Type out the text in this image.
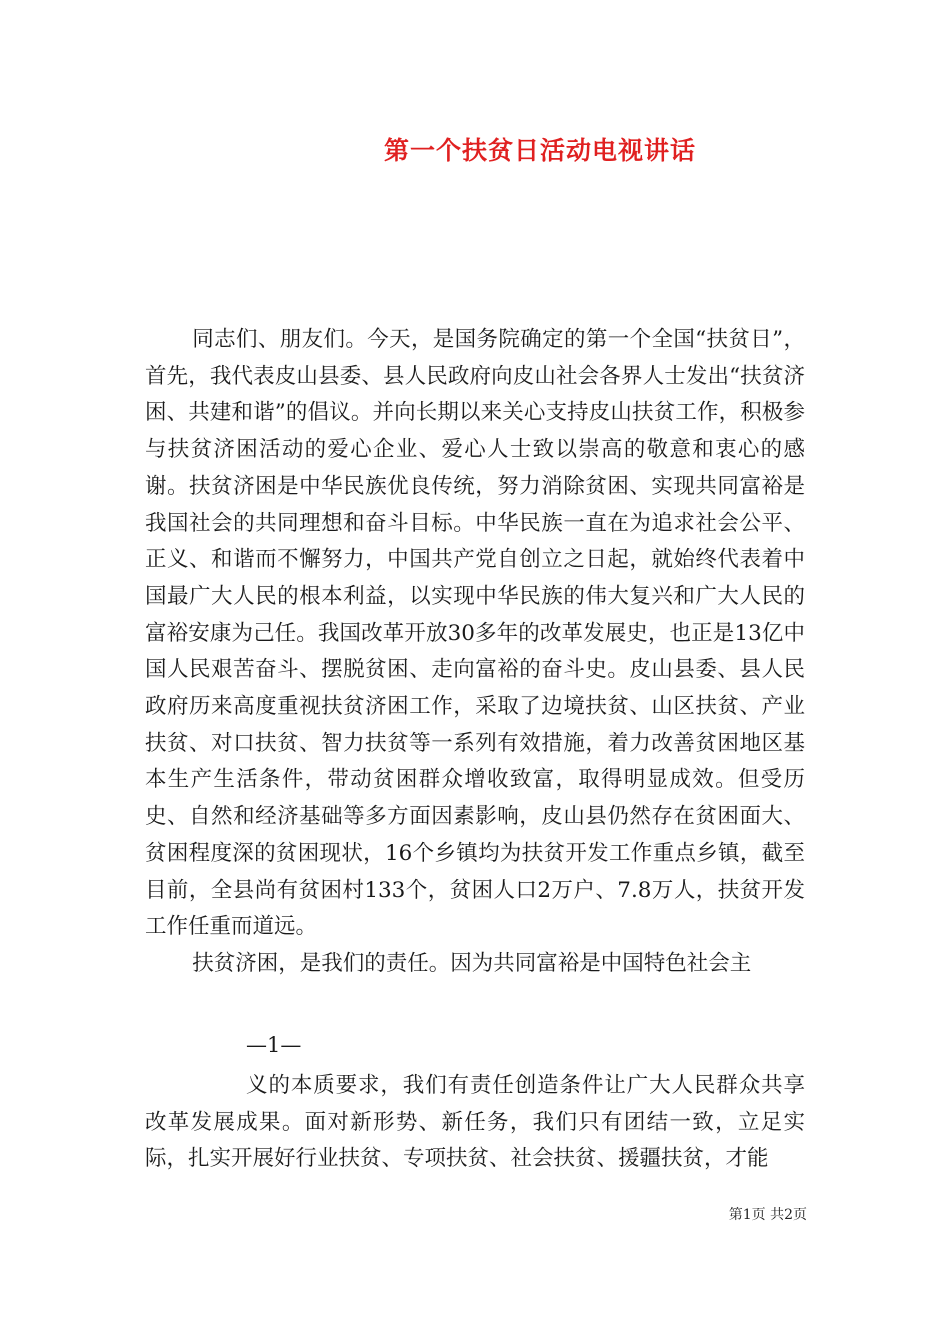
第一个扶贫日活动电视讲话

同志们、朋友们。今天，是国务院确定的第一个全国“扶贫日”，首先，我代表皮山县委、县人民政府向皮山社会各界人士发出“扶贫济困、共建和谐”的倡议。并向长期以来关心支持皮山扶贫工作，积极参与扶贫济困活动的爱心企业、爱心人士致以崇高的敬意和衷心的感谢。扶贫济困是中华民族优良传统，努力消除贫困、实现共同富裕是我国社会的共同理想和奋斗目标。中华民族一直在为追求社会公平、正义、和谐而不懈努力，中国共产党自创立之日起，就始终代表着中国最广大人民的根本利益，以实现中华民族的伟大复兴和广大人民的富裕安康为己任。我国改革开放30多年的改革发展史，也正是13亿中国人民艰苦奋斗、摆脱贫困、走向富裕的奋斗史。皮山县委、县人民政府历来高度重视扶贫济困工作，采取了边境扶贫、山区扶贫、产业扶贫、对口扶贫、智力扶贫等一系列有效措施，着力改善贫困地区基本生产生活条件，带动贫困群众增收致富，取得明显成效。但受历史、自然和经济基础等多方面因素影响，皮山县仍然存在贫困面大、贫困程度深的贫困现状，16个乡镇均为扶贫开发工作重点乡镇，截至目前，全县尚有贫困村133个，贫困人口2万户、7.8万人，扶贫开发工作任重而道远。

扶贫济困，是我们的责任。因为共同富裕是中国特色社会主

—1—

义的本质要求，我们有责任创造条件让广大人民群众共享改革发展成果。面对新形势、新任务，我们只有团结一致，立足实际，扎实开展好行业扶贫、专项扶贫、社会扶贫、援疆扶贫，才能

第1页 共2页
